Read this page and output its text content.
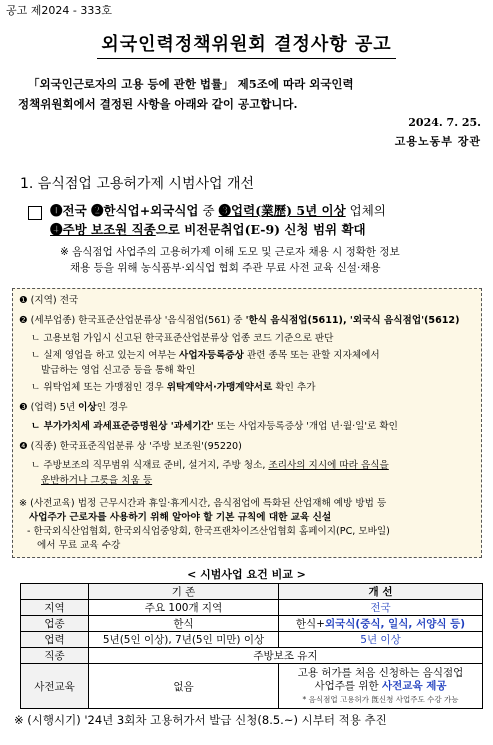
공고 제2024 - 333호
외국인력정책위원회 결정사항 공고
「외국인근로자의 고용 등에 관한 법률」 제5조에 따라 외국인력
정책위원회에서 결정된 사항을 아래와 같이 공고합니다.
2024. 7. 25.
고용노동부 장관
1. 음식점업 고용허가제 시범사업 개선
❶전국 ❷한식업+외국식업 중 ❸업력(業歷) 5년 이상 업체의
❹주방 보조원 직종으로 비전문취업(E-9) 신청 범위 확대
※ 음식점업 사업주의 고용허가제 이해 도모 및 근로자 채용 시 정확한 정보
채용 등을 위해 농식품부·외식업 협회 주관 무료 사전 교육 신설·채용
❶ (지역) 전국
❷ (세부업종) 한국표준산업분류상 '음식점업(561) 중 '한식 음식점업(5611), '외국식 음식점업'(5612)
ㄴ 고용보험 가입시 신고된 한국표준산업분류상 업종 코드 기준으로 판단
ㄴ 실제 영업을 하고 있는지 여부는 사업자등록증상 관련 종목 또는 관할 지자체에서
발급하는 영업 신고증 등을 통해 확인
ㄴ 위탁업체 또는 가맹점인 경우 위탁계약서·가맹계약서로 확인 추가
❸ (업력) 5년 이상인 경우
ㄴ 부가가치세 과세표준증명원상 '과세기간' 또는 사업자등록증상 '개업 년·월·일'로 확인
❹ (직종) 한국표준직업분류 상 '주방 보조원'(95220)
ㄴ 주방보조의 직무범위 식재료 준비, 설거지, 주방 청소, 조리사의 지시에 따라 음식을
운반하거나 그릇을 치움 등
※ (사전교육) 법정 근무시간과 휴일·휴게시간, 음식점업에 특화된 산업재해 예방 방법 등
사업주가 근로자를 사용하기 위해 알아야 할 기본 규칙에 대한 교육 신설
- 한국외식산업협회, 한국외식업중앙회, 한국프랜차이즈산업협회 홈페이지(PC, 모바일)
에서 무료 교육 수강
< 시범사업 요건 비교 >
	기 존	개 선
지역	주요 100개 지역	전국
업종	한식	한식+외국식(중식, 일식, 서양식 등)
업력	5년(5인 이상), 7년(5인 미만) 이상	5년 이상
직종	주방보조 유지	
사전교육	없음	고용 허가를 처음 신청하는 음식점업
사업주를 위한 사전교육 제공
* 음식점업 고용허가 旣신청 사업주도 수강 가능
※ (시행시기) '24년 3회차 고용허가서 발급 신청(8.5.~) 시부터 적용 추진
